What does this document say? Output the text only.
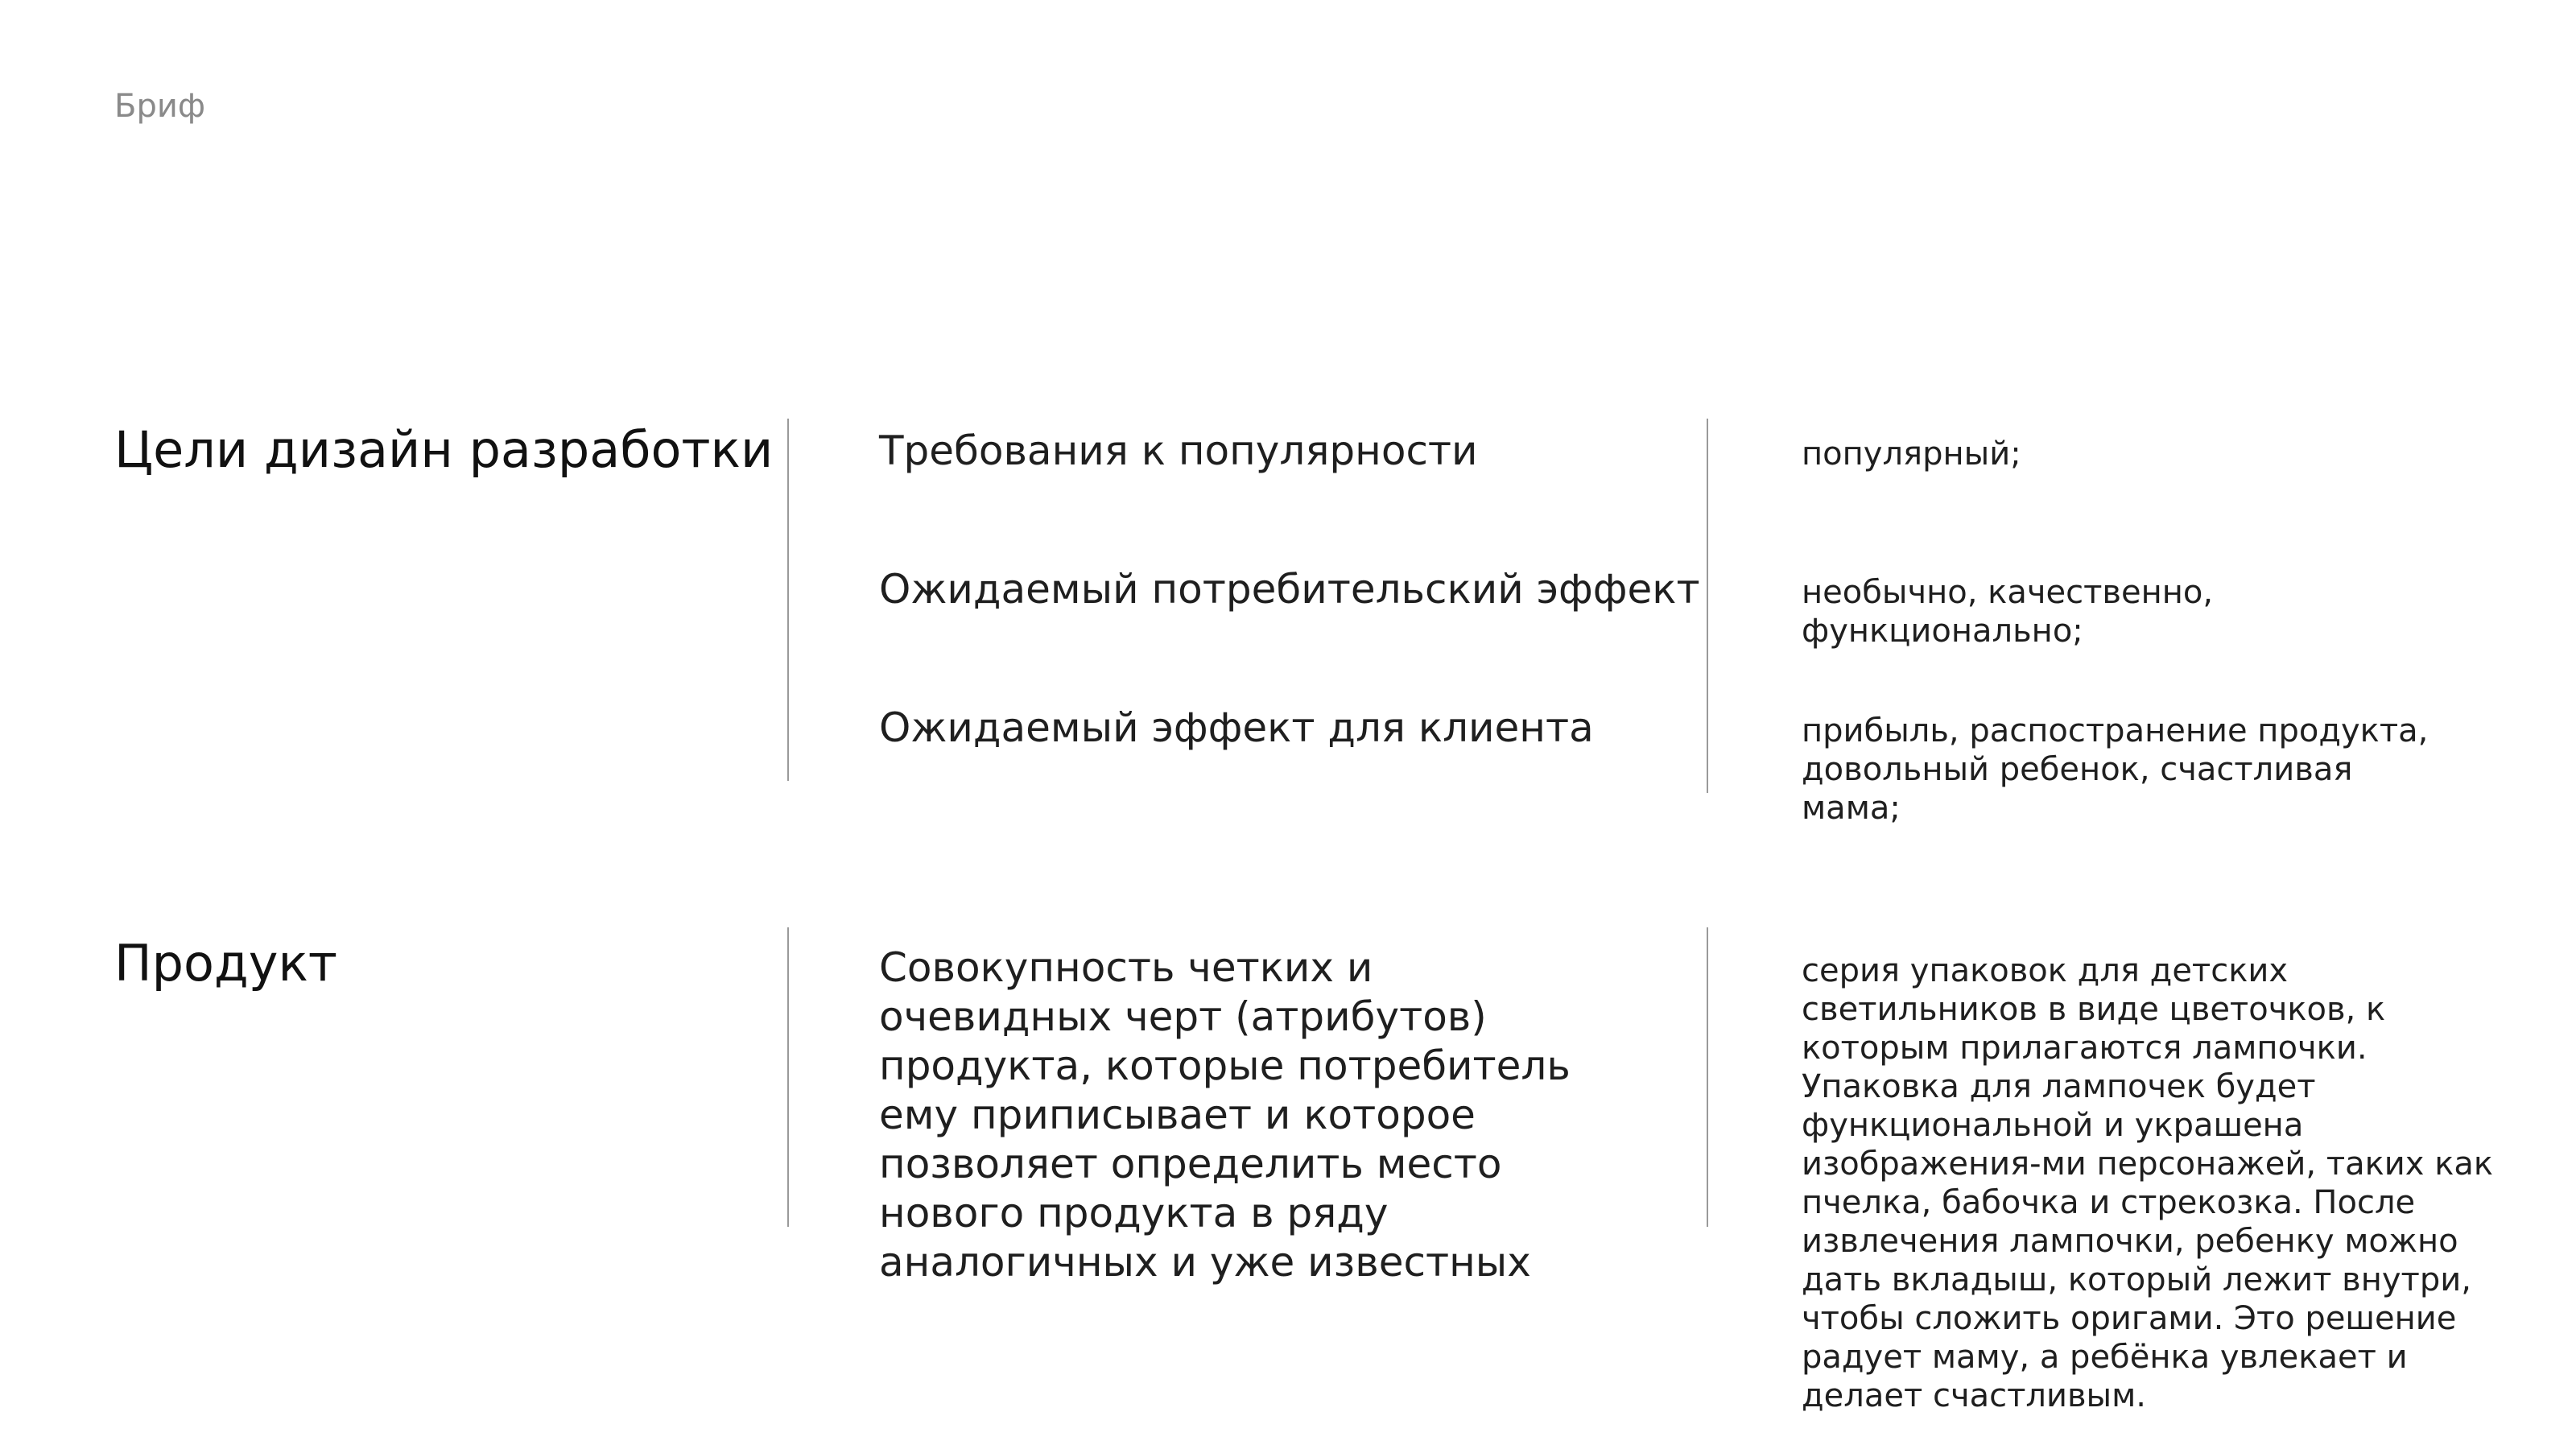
Бриф
Цели дизайн разработки	Требования к популярности
Ожидаемый потребительский эффект
Ожидаемый эффект для клиента
популярный;
необычно, качественно, функционально;
прибыль, распостранение продукта, довольный ребенок, счастливая мама;
Продукт	Совокупность четких и очевидных черт (атрибутов) продукта, которые потребитель ему приписывает и которое позволяет определить место нового продукта в ряду аналогичных и уже известных
серия упаковок для детских светильников в виде цветочков, к которым прилагаются лампочки. Упаковка для лампочек будет функциональной и украшена изображения-ми персонажей, таких как пчелка, бабочка и стрекозка. После извлечения лампочки, ребенку можно дать вкладыш, который лежит внутри, чтобы сложить оригами. Это решение радует маму, а ребёнка увлекает и делает счастливым.
